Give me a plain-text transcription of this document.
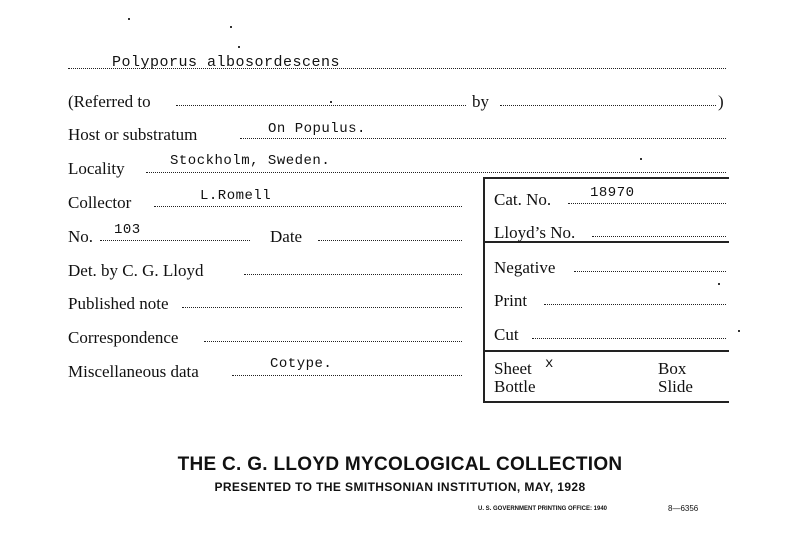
Polyporus albosordescens
(Referred to	by	)
Host or substratum	On Populus.
Locality	Stockholm, Sweden.
Collector	L.Romell
No. 103	Date
Det. by C. G. Lloyd
Published note
Correspondence
Miscellaneous data	Cotype.
Cat. No.	18970
Lloyd’s No.
Negative
Print
Cut
Sheet x	Box
Bottle	Slide
THE C. G. LLOYD MYCOLOGICAL COLLECTION
PRESENTED TO THE SMITHSONIAN INSTITUTION, MAY, 1928
U. S. GOVERNMENT PRINTING OFFICE: 1940	8—6356
